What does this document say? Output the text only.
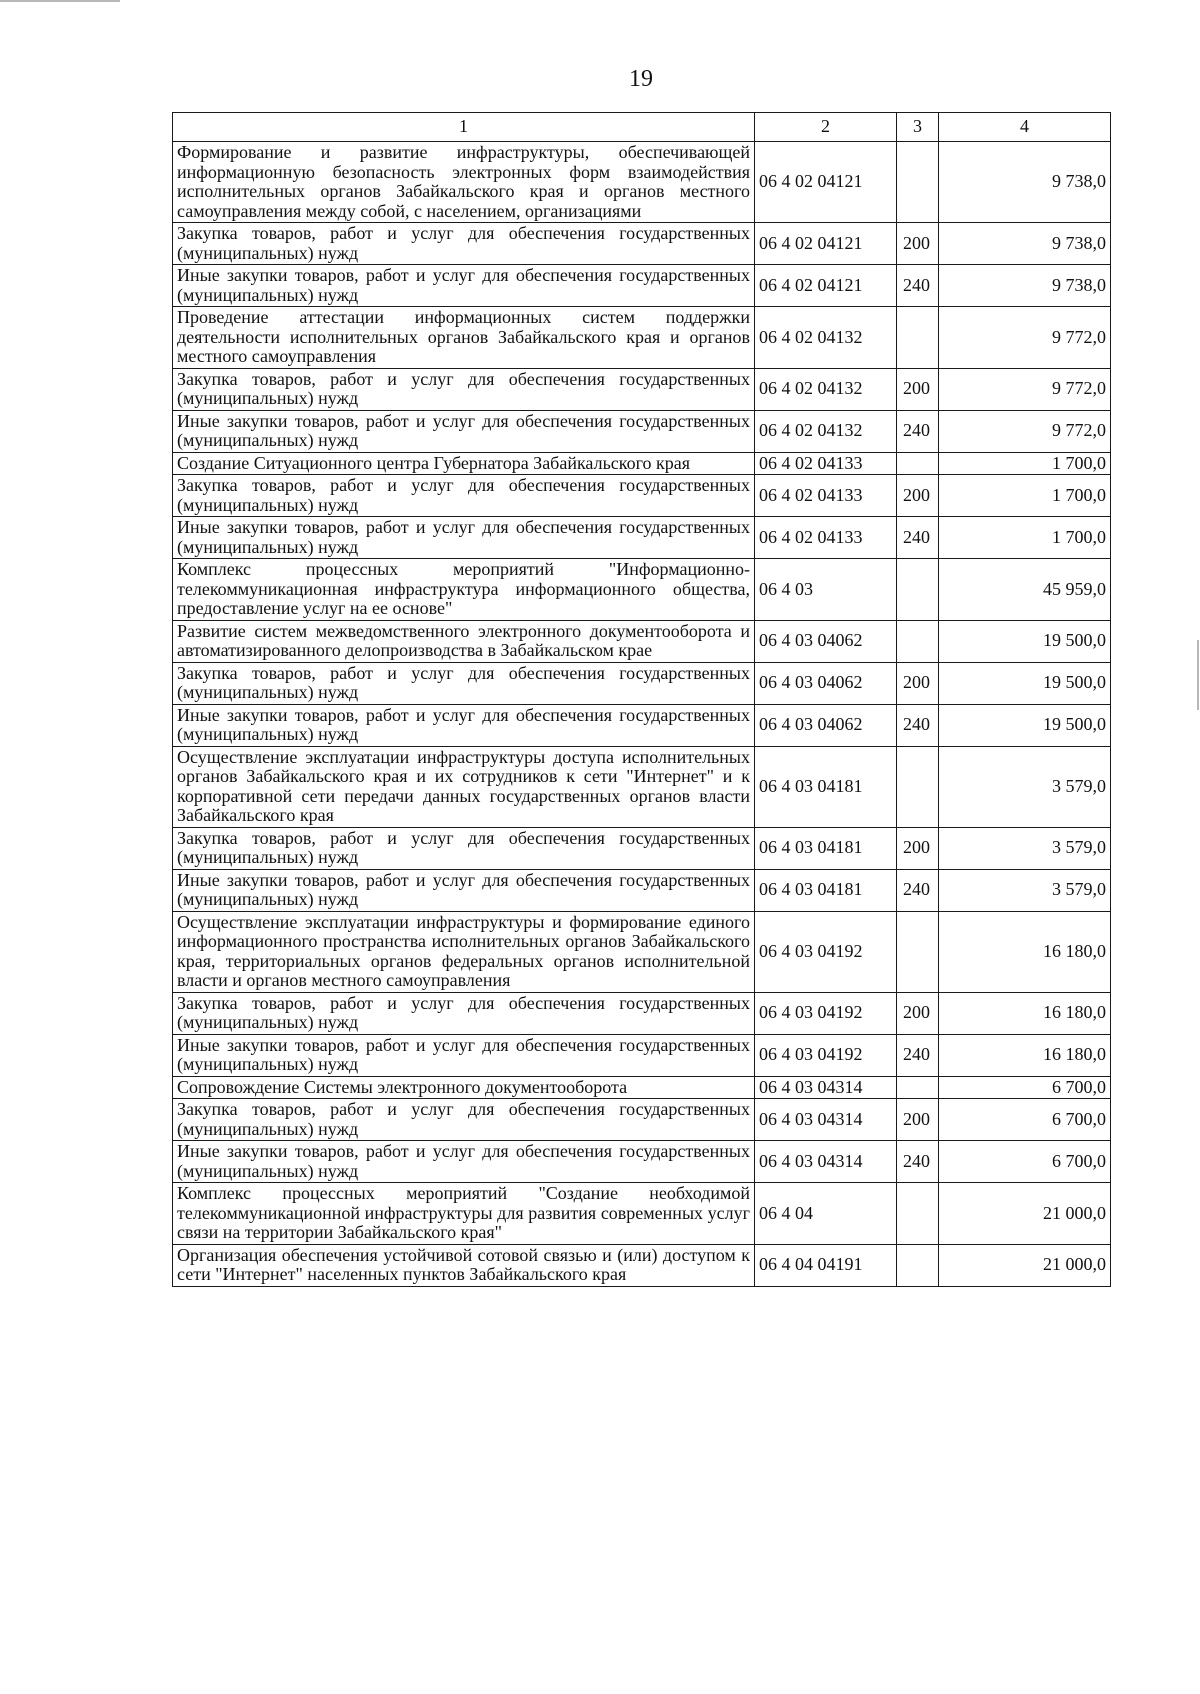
19
1	2	3	4
Формирование и развитие инфраструктуры, обеспечивающей информационную безопасность электронных форм взаимодействия исполнительных органов Забайкальского края и органов местного самоуправления между собой, с населением, организациями	06 4 02 04121		9 738,0
Закупка товаров, работ и услуг для обеспечения государственных (муниципальных) нужд	06 4 02 04121	200	9 738,0
Иные закупки товаров, работ и услуг для обеспечения государственных (муниципальных) нужд	06 4 02 04121	240	9 738,0
Проведение аттестации информационных систем поддержки деятельности исполнительных органов Забайкальского края и органов местного самоуправления	06 4 02 04132		9 772,0
Закупка товаров, работ и услуг для обеспечения государственных (муниципальных) нужд	06 4 02 04132	200	9 772,0
Иные закупки товаров, работ и услуг для обеспечения государственных (муниципальных) нужд	06 4 02 04132	240	9 772,0
Создание Ситуационного центра Губернатора Забайкальского края	06 4 02 04133		1 700,0
Закупка товаров, работ и услуг для обеспечения государственных (муниципальных) нужд	06 4 02 04133	200	1 700,0
Иные закупки товаров, работ и услуг для обеспечения государственных (муниципальных) нужд	06 4 02 04133	240	1 700,0
Комплекс процессных мероприятий "Информационно-телекоммуникационная инфраструктура информационного общества, предоставление услуг на ее основе"	06 4 03		45 959,0
Развитие систем межведомственного электронного документооборота и автоматизированного делопроизводства в Забайкальском крае	06 4 03 04062		19 500,0
Закупка товаров, работ и услуг для обеспечения государственных (муниципальных) нужд	06 4 03 04062	200	19 500,0
Иные закупки товаров, работ и услуг для обеспечения государственных (муниципальных) нужд	06 4 03 04062	240	19 500,0
Осуществление эксплуатации инфраструктуры доступа исполнительных органов Забайкальского края и их сотрудников к сети "Интернет" и к корпоративной сети передачи данных государственных органов власти Забайкальского края	06 4 03 04181		3 579,0
Закупка товаров, работ и услуг для обеспечения государственных (муниципальных) нужд	06 4 03 04181	200	3 579,0
Иные закупки товаров, работ и услуг для обеспечения государственных (муниципальных) нужд	06 4 03 04181	240	3 579,0
Осуществление эксплуатации инфраструктуры и формирование единого информационного пространства исполнительных органов Забайкальского края, территориальных органов федеральных органов исполнительной власти и органов местного самоуправления	06 4 03 04192		16 180,0
Закупка товаров, работ и услуг для обеспечения государственных (муниципальных) нужд	06 4 03 04192	200	16 180,0
Иные закупки товаров, работ и услуг для обеспечения государственных (муниципальных) нужд	06 4 03 04192	240	16 180,0
Сопровождение Системы электронного документооборота	06 4 03 04314		6 700,0
Закупка товаров, работ и услуг для обеспечения государственных (муниципальных) нужд	06 4 03 04314	200	6 700,0
Иные закупки товаров, работ и услуг для обеспечения государственных (муниципальных) нужд	06 4 03 04314	240	6 700,0
Комплекс процессных мероприятий "Создание необходимой телекоммуникационной инфраструктуры для развития современных услуг связи на территории Забайкальского края"	06 4 04		21 000,0
Организация обеспечения устойчивой сотовой связью и (или) доступом к сети "Интернет" населенных пунктов Забайкальского края	06 4 04 04191		21 000,0
